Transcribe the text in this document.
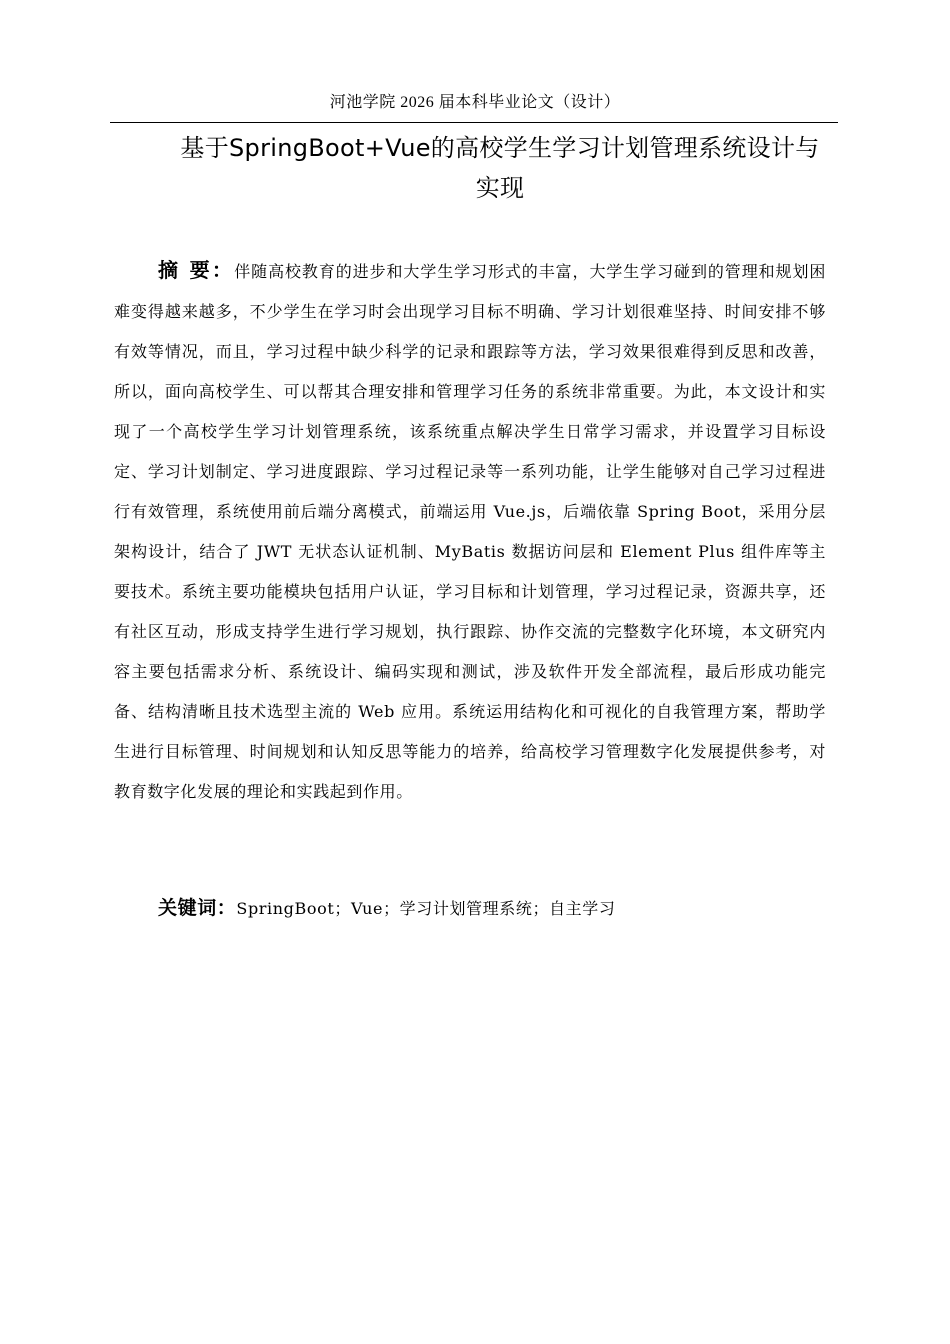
河池学院 2026 届本科毕业论文（设计）
基于SpringBoot+Vue的高校学生学习计划管理系统设计与
实现
摘 要：伴随高校教育的进步和大学生学习形式的丰富，大学生学习碰到的管理和规划困难变得越来越多，不少学生在学习时会出现学习目标不明确、学习计划很难坚持、时间安排不够有效等情况，而且，学习过程中缺少科学的记录和跟踪等方法，学习效果很难得到反思和改善，所以，面向高校学生、可以帮其合理安排和管理学习任务的系统非常重要。为此，本文设计和实现了一个高校学生学习计划管理系统，该系统重点解决学生日常学习需求，并设置学习目标设定、学习计划制定、学习进度跟踪、学习过程记录等一系列功能，让学生能够对自己学习过程进行有效管理，系统使用前后端分离模式，前端运用 Vue.js，后端依靠 Spring Boot，采用分层架构设计，结合了 JWT 无状态认证机制、MyBatis 数据访问层和 Element Plus 组件库等主要技术。系统主要功能模块包括用户认证，学习目标和计划管理，学习过程记录，资源共享，还有社区互动，形成支持学生进行学习规划，执行跟踪、协作交流的完整数字化环境，本文研究内容主要包括需求分析、系统设计、编码实现和测试，涉及软件开发全部流程，最后形成功能完备、结构清晰且技术选型主流的 Web 应用。系统运用结构化和可视化的自我管理方案，帮助学生进行目标管理、时间规划和认知反思等能力的培养，给高校学习管理数字化发展提供参考，对教育数字化发展的理论和实践起到作用。
关键词：SpringBoot；Vue；学习计划管理系统；自主学习
